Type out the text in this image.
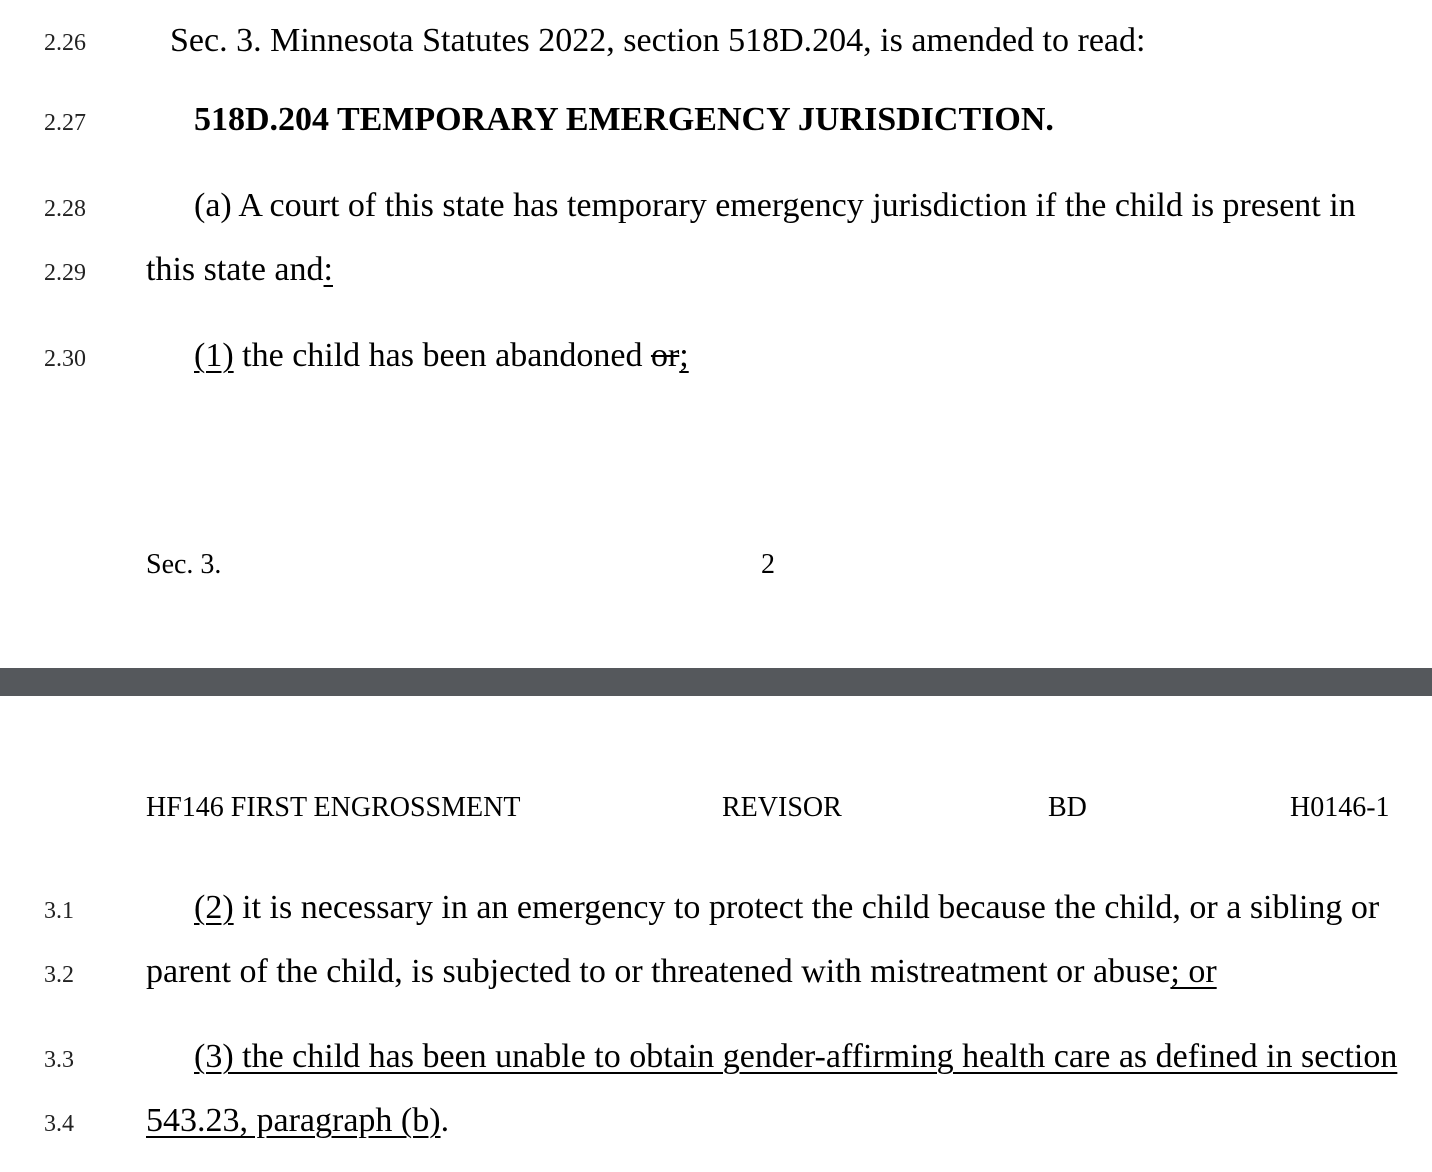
2.26 Sec. 3. Minnesota Statutes 2022, section 518D.204, is amended to read:
2.27	518D.204 TEMPORARY EMERGENCY JURISDICTION.
2.28	(a) A court of this state has temporary emergency jurisdiction if the child is present in
2.29 this state and:
2.30	(1) the child has been abandoned or;
Sec. 3.	2
HF146 FIRST ENGROSSMENT	REVISOR	BD	H0146-1
3.1	(2) it is necessary in an emergency to protect the child because the child, or a sibling or
3.2 parent of the child, is subjected to or threatened with mistreatment or abuse; or
3.3	(3) the child has been unable to obtain gender-affirming health care as defined in section
3.4 543.23, paragraph (b).
